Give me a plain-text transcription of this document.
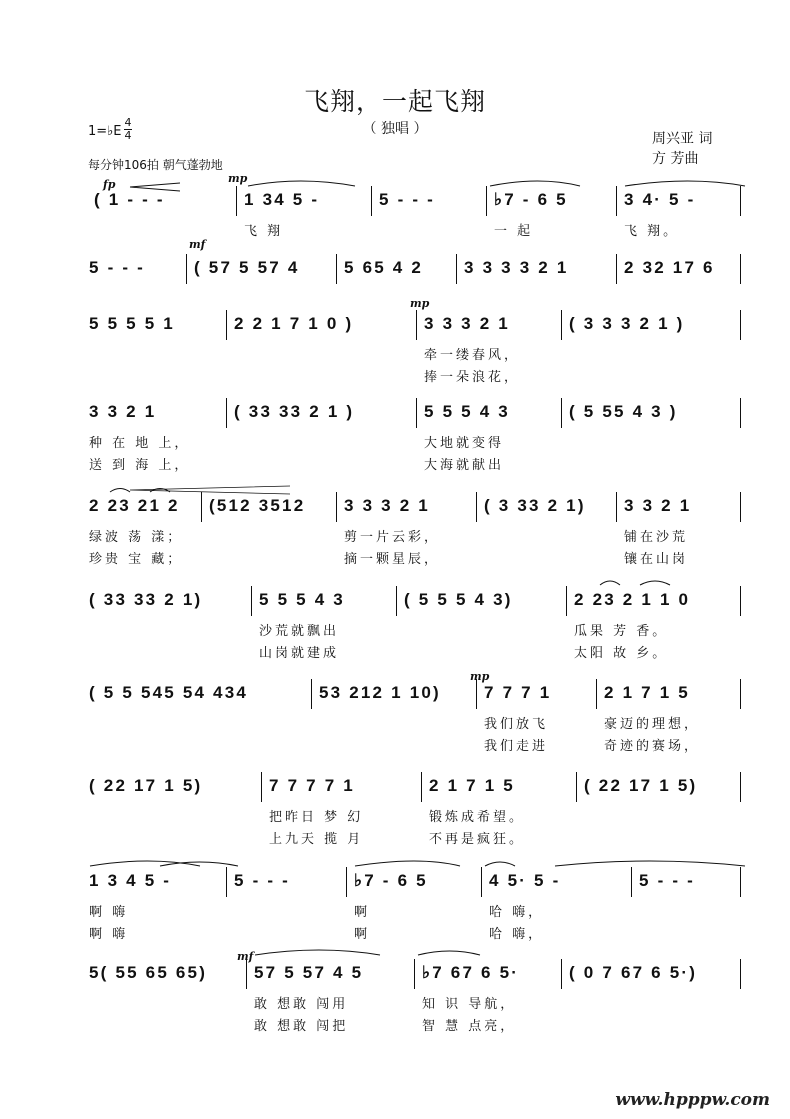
飞翔，一起飞翔
（ 独唱 ）
周兴亚 词
方 芳曲
1=♭E
4
4
每分钟106拍 朝气蓬勃地
fp	mp
mf
mp
mp
mf
( 1 - - -	1 34 5 -	5 - - -	♭7 - 6 5	3 4· 5 -
飞 翔	一 起	飞 翔。
5 - - -	( 57 5 57 4	5 65 4 2 3 3 3 3 2 1	2 32 17 6
5 5 5 5 1	2 2 1 7 1 0 )	3 3 3 2 1	( 3 3 3 2 1 )
牵一缕春风，
捧一朵浪花，
3 3 2 1	( 33 33 2 1 )	5 5 5 4 3	( 5 55 4 3 )
种 在 地 上，	大地就变得
送 到 海 上，	大海就献出
2 23 21 2 (512 3512 3 3 3 2 1	( 3 33 2 1) 3 3 2 1
绿波 荡 漾；	剪一片云彩，	铺在沙荒
珍贵 宝 藏；	摘一颗星辰，	镶在山岗
( 33 33 2 1)	5 5 5 4 3	( 5 5 5 4 3)	2 23 2 1 1 0
沙荒就飘出	瓜果 芳 香。
山岗就建成	太阳 故 乡。
( 5 5 545 54 434	53 212 1 10)	7 7 7 1	2 1 7 1 5
我们放飞	豪迈的理想，
我们走进	奇迹的赛场，
( 22 17 1 5)	7 7 7 7 1	2 1 7 1 5	( 22 17 1 5)
把昨日 梦 幻	锻炼成希望。
上九天 揽 月	不再是疯狂。
1 3 4 5 -	5 - - -	♭7 - 6 5	4 5· 5 -	5 - - -
啊 嗨	啊	哈 嗨，
啊 嗨	啊	哈 嗨，
5( 55 65 65)	57 5 57 4 5	♭7 67 6 5·	( 0 7 67 6 5·)
敢 想敢 闯用	知 识 导航，
敢 想敢 闯把	智 慧 点亮，
www.hpppw.com
